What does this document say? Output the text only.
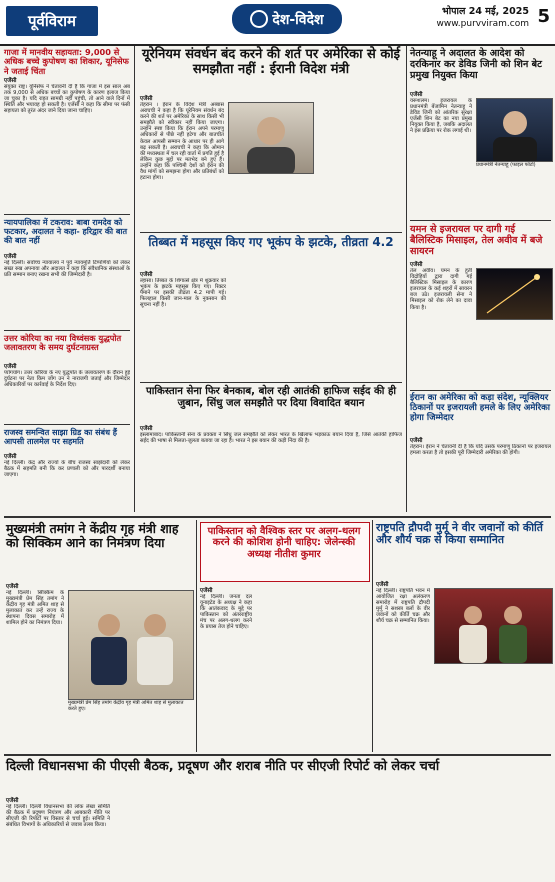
पूर्वविराम	देश-विदेश	भोपाल 24 मई, 2025
www.purvviram.com 5
गाजा में मानवीय सहायता: 9,000 से अधिक बच्चे कुपोषण का शिकार, यूनिसेफ ने जताई चिंता
एजेंसी
संयुक्त राष्ट्र। यूनिसेफ ने चेतावनी दी है कि गाजा में इस साल अब तक 9,000 से अधिक बच्चों का कुपोषण के कारण इलाज किया जा चुका है। यदि राहत सामग्री नहीं पहुंची, तो आने वाले दिनों में स्थिति और भयावह हो सकती है। एजेंसी ने कहा कि सीमा पर फंसी सहायता को तुरंत अंदर जाने दिया जाना चाहिए।
न्यायपालिका में टकराव: बाबा रामदेव को फटकार, अदालत ने कहा- हरिद्वार की बात की बात नहीं
एजेंसी
नई दिल्ली। सर्वोच्च न्यायालय ने पूर्व न्यायमूर्ति टिप्पणियों को लेकर सख्त रुख अपनाया और अदालत ने कहा कि संवैधानिक संस्थाओं के प्रति सम्मान बनाए रखना सभी की जिम्मेदारी है।
उत्तर कोरिया का नया विध्वंसक युद्धपोत जलावतरण के समय दुर्घटनाग्रस्त
एजेंसी
प्योंगयांग। उत्तर कोरिया के नए युद्धपोत के जलावतरण के दौरान हुई दुर्घटना पर नेता किम जोंग उन ने नाराजगी जताई और जिम्मेदार अधिकारियों पर कार्रवाई के निर्देश दिए।
राजस्व समन्वित साझा ग्रिड का संबंध हैं आपसी तालमेल पर सहमति
एजेंसी
नई दिल्ली। केंद्र और राज्यों के बीच राजस्व साझेदारी को लेकर बैठक में सहमति बनी कि कर प्रणाली को और पारदर्शी बनाया जाएगा।
यूरेनियम संवर्धन बंद करने की शर्त पर अमेरिका से कोई समझौता नहीं : ईरानी विदेश मंत्री
एजेंसी
तेहरान । ईरान के विदेश मंत्री अब्बास अराघची ने कहा है कि यूरेनियम संवर्धन बंद करने की शर्त पर अमेरिका के साथ किसी भी समझौते को स्वीकार नहीं किया जाएगा। उन्होंने स्पष्ट किया कि ईरान अपने परमाणु अधिकारों से पीछे नहीं हटेगा और बातचीत केवल आपसी सम्मान के आधार पर ही आगे बढ़ सकती है। अराघची ने कहा कि ओमान की मध्यस्थता में चल रही वार्ता में प्रगति हुई है लेकिन कुछ मुद्दों पर मतभेद बने हुए हैं। उन्होंने कहा कि पश्चिमी देशों को ईरान की वैध मांगों को समझना होगा और प्रतिबंधों को हटाना होगा।
तिब्बत में महसूस किए गए भूकंप के झटके, तीव्रता 4.2
एजेंसी
ल्हासा। तिब्बत के शिगात्से क्षेत्र में शुक्रवार को भूकंप के झटके महसूस किए गए। रिक्टर पैमाने पर इसकी तीव्रता 4.2 मापी गई। फिलहाल किसी जान-माल के नुकसान की सूचना नहीं है।
पाकिस्तान सेना फिर बेनकाब, बोल रही आतंकी हाफिज सईद की ही जुबान, सिंधु जल समझौते पर दिया विवादित बयान
एजेंसी
इस्लामाबाद। पाकिस्तानी सेना के प्रवक्ता ने सिंधु जल समझौते को लेकर भारत के खिलाफ भड़काऊ बयान दिया है, जिसे आतंकी हाफिज सईद की भाषा से मिलता-जुलता बताया जा रहा है। भारत ने इस बयान की कड़ी निंदा की है।
नेतन्याहू ने अदालत के आदेश को दरकिनार कर डेविड जिनी को शिन बेट प्रमुख नियुक्त किया
एजेंसी
यरूशलम। इजरायल के प्रधानमंत्री बेंजामिन नेतन्याहू ने डेविड जिनी को आंतरिक सुरक्षा एजेंसी शिन बेट का नया प्रमुख नियुक्त किया है, जबकि अदालत ने इस प्रक्रिया पर रोक लगाई थी।
प्रधानमंत्री नेतन्याहू (फाइल फोटो)
यमन से इजरायल पर दागी गई बैलिस्टिक मिसाइल, तेल अवीव में बजे सायरन
एजेंसी
तेल अवीव। यमन के हूती विद्रोहियों द्वारा दागी गई बैलिस्टिक मिसाइल के कारण इजरायल के कई शहरों में सायरन बज उठे। इजरायली सेना ने मिसाइल को रोक लेने का दावा किया है।
ईरान का अमेरिका को कड़ा संदेश, न्यूक्लियर ठिकानों पर इजरायली हमले के लिए अमेरिका होगा जिम्मेदार
एजेंसी
तेहरान। ईरान ने चेतावनी दी है कि यदि उसके परमाणु ठिकानों पर इजरायल हमला करता है तो इसकी पूरी जिम्मेदारी अमेरिका की होगी।
मुख्यमंत्री तमांग ने केंद्रीय गृह मंत्री शाह को सिक्किम आने का निमंत्रण दिया
एजेंसी
नई दिल्ली। सिक्किम के मुख्यमंत्री प्रेम सिंह तमांग ने केंद्रीय गृह मंत्री अमित शाह से मुलाकात कर उन्हें राज्य के स्थापना दिवस समारोह में शामिल होने का निमंत्रण दिया।
मुख्यमंत्री प्रेम सिंह तमांग केंद्रीय गृह मंत्री अमित शाह से मुलाकात करते हुए।
पाकिस्तान को वैश्विक स्तर पर अलग-थलग करने की कोशिश होनी चाहिए: जेलेन्स्की अध्यक्ष नीतीश कुमार
एजेंसी
नई दिल्ली। जनता दल यूनाइटेड के अध्यक्ष ने कहा कि आतंकवाद के मुद्दे पर पाकिस्तान को अंतरराष्ट्रीय मंच पर अलग-थलग करने के प्रयास तेज होने चाहिए।
राष्ट्रपति द्रौपदी मुर्मू ने वीर जवानों को कीर्ति और शौर्य चक्र से किया सम्मानित
एजेंसी
नई दिल्ली। राष्ट्रपति भवन में आयोजित रक्षा अलंकरण समारोह में राष्ट्रपति द्रौपदी मुर्मू ने सशस्त्र बलों के वीर जवानों को कीर्ति चक्र और शौर्य चक्र से सम्मानित किया।
दिल्ली विधानसभा की पीएसी बैठक, प्रदूषण और शराब नीति पर सीएजी रिपोर्ट को लेकर चर्चा
एजेंसी
नई दिल्ली। दिल्ली विधानसभा की लोक लेखा समिति की बैठक में प्रदूषण नियंत्रण और आबकारी नीति पर सीएजी की रिपोर्टों पर विस्तार से चर्चा हुई। समिति ने संबंधित विभागों के अधिकारियों से जवाब तलब किया।
